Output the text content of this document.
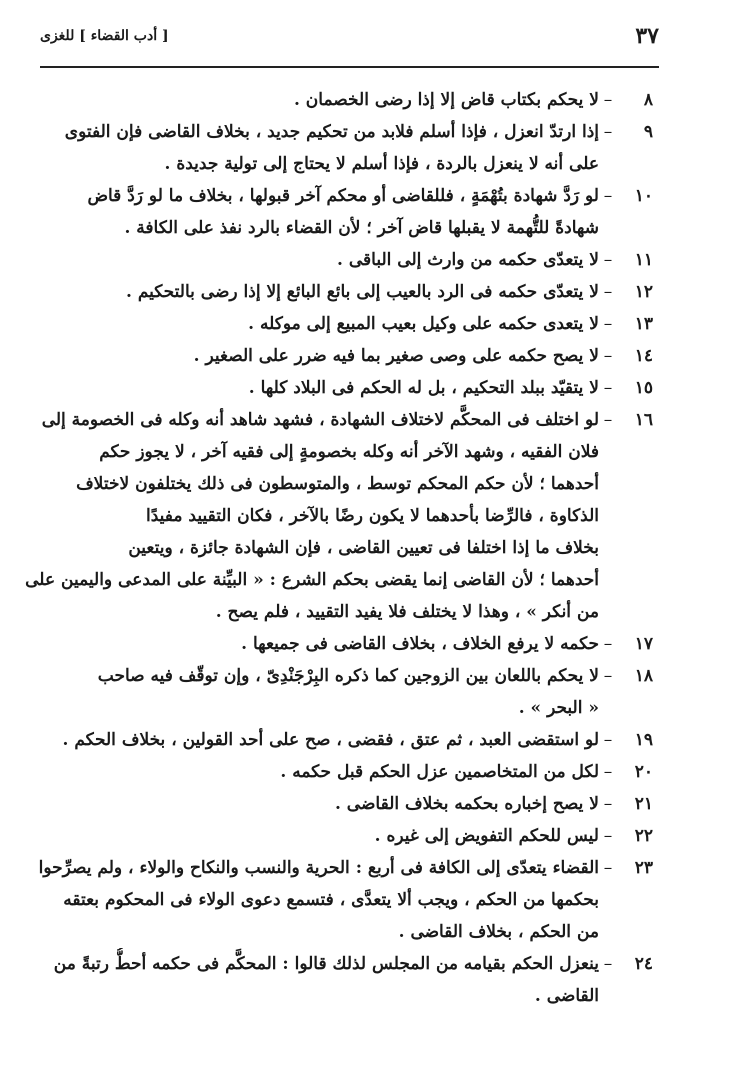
٣٧
[ أدب القضاء ] للغزى
٨
–
لا يحكم بكتاب قاض إلا إذا رضى الخصمان .
٩
–
إذا ارتدّ انعزل ، فإذا أسلم فلابد من تحكيم جديد ، بخلاف القاضى فإن الفتوى
على أنه لا ينعزل بالردة ، فإذا أسلم لا يحتاج إلى تولية جديدة .
١٠
–
لو رَدَّ شهادة بتُهْمَةٍ ، فللقاضى أو محكم آخر قبولها ، بخلاف ما لو رَدَّ قاض
شهادةً للتُّهمة لا يقبلها قاض آخر ؛ لأن القضاء بالرد نفذ على الكافة .
١١
–
لا يتعدّى حكمه من وارث إلى الباقى .
١٢
–
لا يتعدّى حكمه فى الرد بالعيب إلى بائع البائع إلا إذا رضى بالتحكيم .
١٣
–
لا يتعدى حكمه على وكيل بعيب المبيع إلى موكله .
١٤
–
لا يصح حكمه على وصى صغير بما فيه ضرر على الصغير .
١٥
–
لا يتقيّد ببلد التحكيم ، بل له الحكم فى البلاد كلها .
١٦
–
لو اختلف فى المحكَّم لاختلاف الشهادة ، فشهد شاهد أنه وكله فى الخصومة إلى
فلان الفقيه ، وشهد الآخر أنه وكله بخصومةٍ إلى فقيه آخر ، لا يجوز حكم
أحدهما ؛ لأن حكم المحكم توسط ، والمتوسطون فى ذلك يختلفون لاختلاف
الذكاوة ، فالرِّضا بأحدهما لا يكون رضًا بالآخر ، فكان التقييد مفيدًا
بخلاف ما إذا اختلفا فى تعيين القاضى ، فإن الشهادة جائزة ، ويتعين
أحدهما ؛ لأن القاضى إنما يقضى بحكم الشرع : « البيِّنة على المدعى واليمين على
من أنكر » ، وهذا لا يختلف فلا يفيد التقييد ، فلم يصح .
١٧
–
حكمه لا يرفع الخلاف ، بخلاف القاضى فى جميعها .
١٨
–
لا يحكم باللعان بين الزوجين كما ذكره البِرْجَنْدِىّ ، وإن توقّف فيه صاحب
« البحر » .
١٩
–
لو استقضى العبد ، ثم عتق ، فقضى ، صح على أحد القولين ، بخلاف الحكم .
٢٠
–
لكل من المتخاصمين عزل الحكم قبل حكمه .
٢١
–
لا يصح إخباره بحكمه بخلاف القاضى .
٢٢
–
ليس للحكم التفويض إلى غيره .
٢٣
–
القضاء يتعدّى إلى الكافة فى أربع : الحرية والنسب والنكاح والولاء ، ولم يصرِّحوا
بحكمها من الحكم ، ويجب ألا يتعدَّى ، فتسمع دعوى الولاء فى المحكوم بعتقه
من الحكم ، بخلاف القاضى .
٢٤
–
ينعزل الحكم بقيامه من المجلس لذلك قالوا : المحكَّم فى حكمه أحطُّ رتبةً من
القاضى .
